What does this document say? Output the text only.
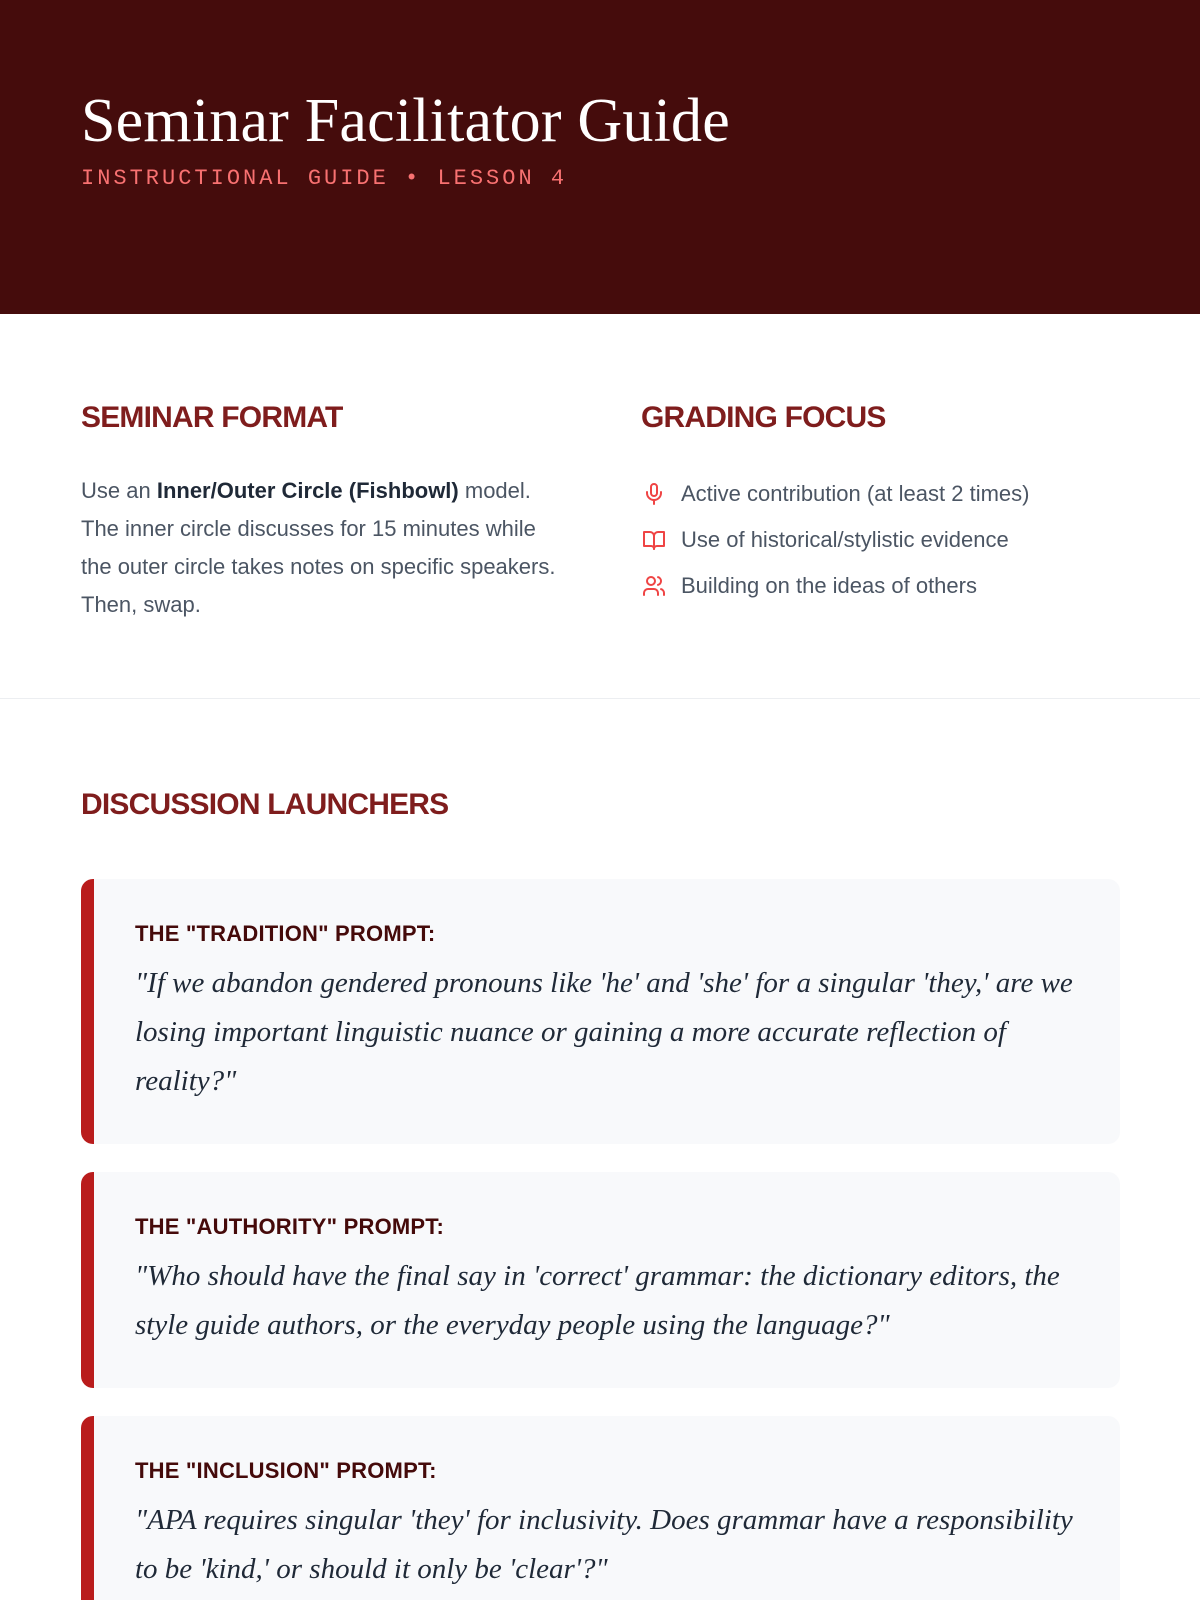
Seminar Facilitator Guide
INSTRUCTIONAL GUIDE • LESSON 4
SEMINAR FORMAT

Use an Inner/Outer Circle (Fishbowl) model. The inner circle discusses for 15 minutes while the outer circle takes notes on specific speakers. Then, swap.

GRADING FOCUS
Active contribution (at least 2 times)
Use of historical/stylistic evidence
Building on the ideas of others
DISCUSSION LAUNCHERS
THE "TRADITION" PROMPT:
"If we abandon gendered pronouns like 'he' and 'she' for a singular 'they,' are we losing important linguistic nuance or gaining a more accurate reflection of reality?"
THE "AUTHORITY" PROMPT:
"Who should have the final say in 'correct' grammar: the dictionary editors, the style guide authors, or the everyday people using the language?"
THE "INCLUSION" PROMPT:
"APA requires singular 'they' for inclusivity. Does grammar have a responsibility to be 'kind,' or should it only be 'clear'?"
